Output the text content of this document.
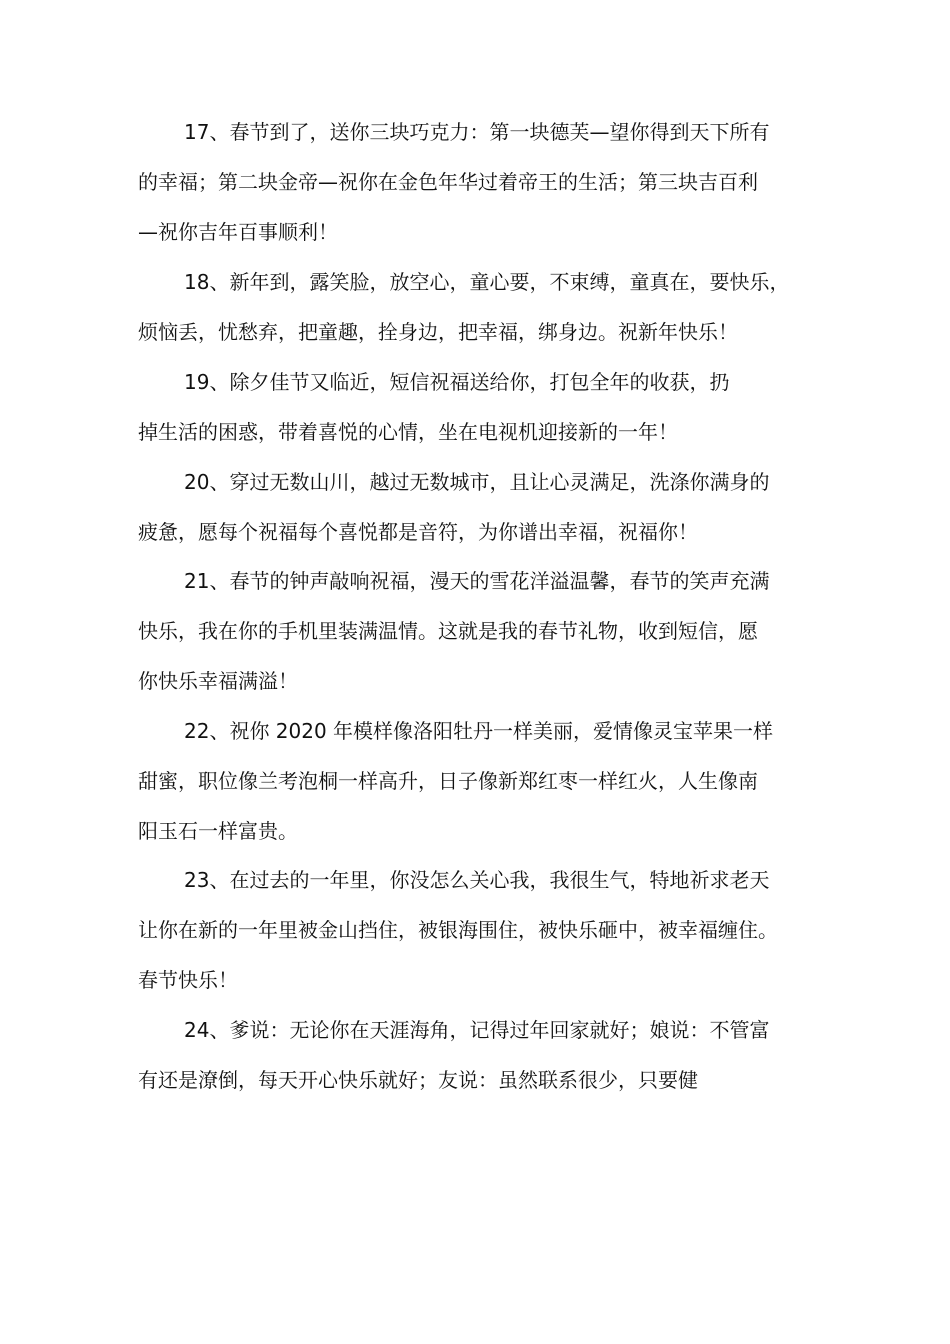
17、春节到了，送你三块巧克力：第一块德芙—望你得到天下所有

的幸福；第二块金帝—祝你在金色年华过着帝王的生活；第三块吉百利

—祝你吉年百事顺利！

18、新年到，露笑脸，放空心，童心要，不束缚，童真在，要快乐，

烦恼丢，忧愁弃，把童趣，拴身边，把幸福，绑身边。祝新年快乐！

19、除夕佳节又临近，短信祝福送给你，打包全年的收获，扔

掉生活的困惑，带着喜悦的心情，坐在电视机迎接新的一年！

20、穿过无数山川，越过无数城市，且让心灵满足，洗涤你满身的

疲惫，愿每个祝福每个喜悦都是音符，为你谱出幸福，祝福你！

21、春节的钟声敲响祝福，漫天的雪花洋溢温馨，春节的笑声充满

快乐，我在你的手机里装满温情。这就是我的春节礼物，收到短信，愿

你快乐幸福满溢！

22、祝你 2020 年模样像洛阳牡丹一样美丽，爱情像灵宝苹果一样

甜蜜，职位像兰考泡桐一样高升，日子像新郑红枣一样红火，人生像南

阳玉石一样富贵。

23、在过去的一年里，你没怎么关心我，我很生气，特地祈求老天

让你在新的一年里被金山挡住，被银海围住，被快乐砸中，被幸福缠住。

春节快乐！

24、爹说：无论你在天涯海角，记得过年回家就好；娘说：不管富

有还是潦倒，每天开心快乐就好；友说：虽然联系很少，只要健
